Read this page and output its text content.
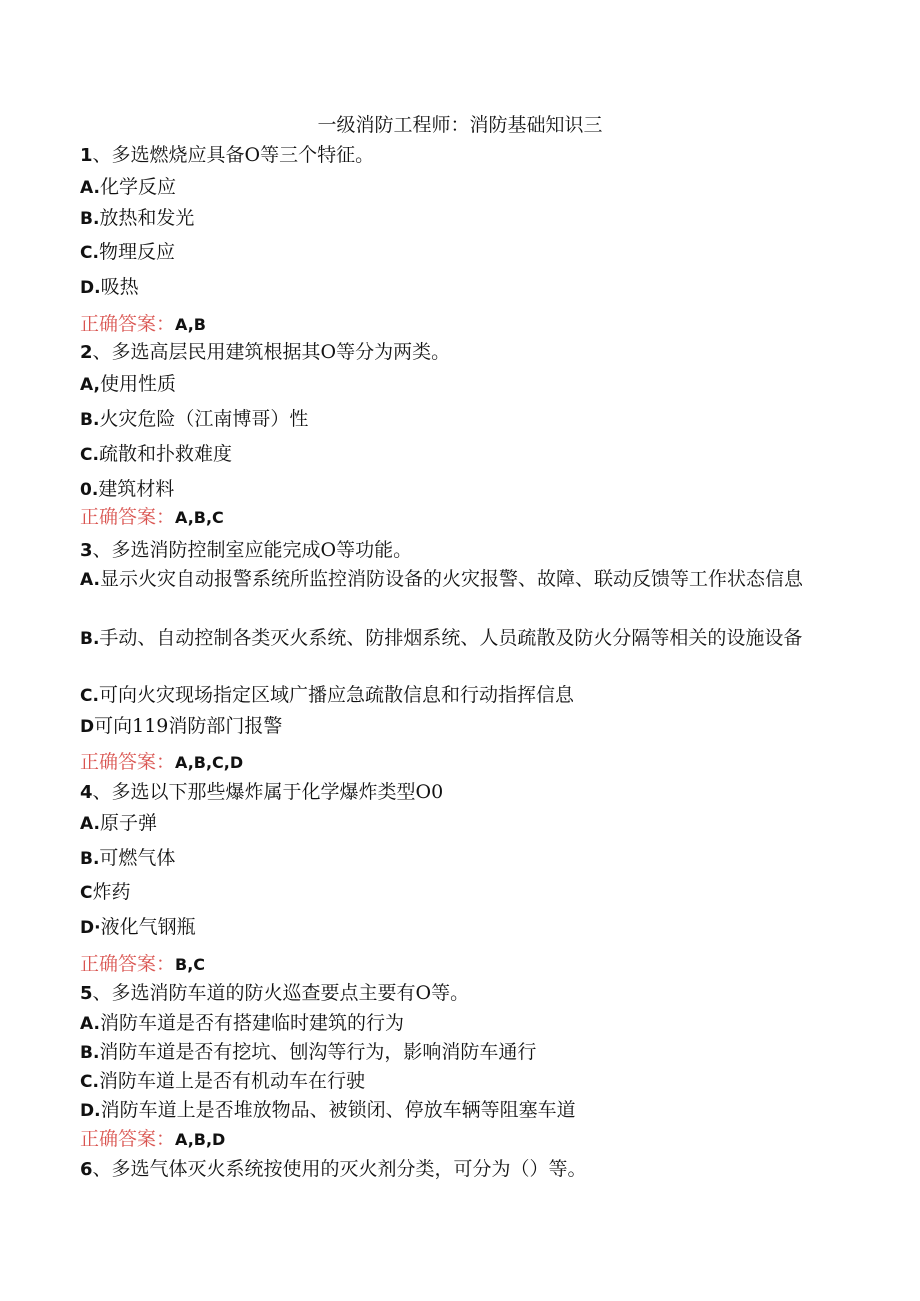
一级消防工程师：消防基础知识三
1、多选燃烧应具备O等三个特征。
A.化学反应
B.放热和发光
C.物理反应
D.吸热
正确答案：A,B
2、多选高层民用建筑根据其O等分为两类。
A,使用性质
B.火灾危险（江南博哥）性
C.疏散和扑救难度
0.建筑材料
正确答案：A,B,C
3、多选消防控制室应能完成O等功能。
A.显示火灾自动报警系统所监控消防设备的火灾报警、故障、联动反馈等工作状态信息
B.手动、自动控制各类灭火系统、防排烟系统、人员疏散及防火分隔等相关的设施设备
C.可向火灾现场指定区域广播应急疏散信息和行动指挥信息
D可向119消防部门报警
正确答案：A,B,C,D
4、多选以下那些爆炸属于化学爆炸类型O0
A.原子弹
B.可燃气体
C炸药
D·液化气钢瓶
正确答案：B,C
5、多选消防车道的防火巡查要点主要有O等。
A.消防车道是否有搭建临时建筑的行为
B.消防车道是否有挖坑、刨沟等行为，影响消防车通行
C.消防车道上是否有机动车在行驶
D.消防车道上是否堆放物品、被锁闭、停放车辆等阻塞车道
正确答案：A,B,D
6、多选气体灭火系统按使用的灭火剂分类，可分为（）等。
